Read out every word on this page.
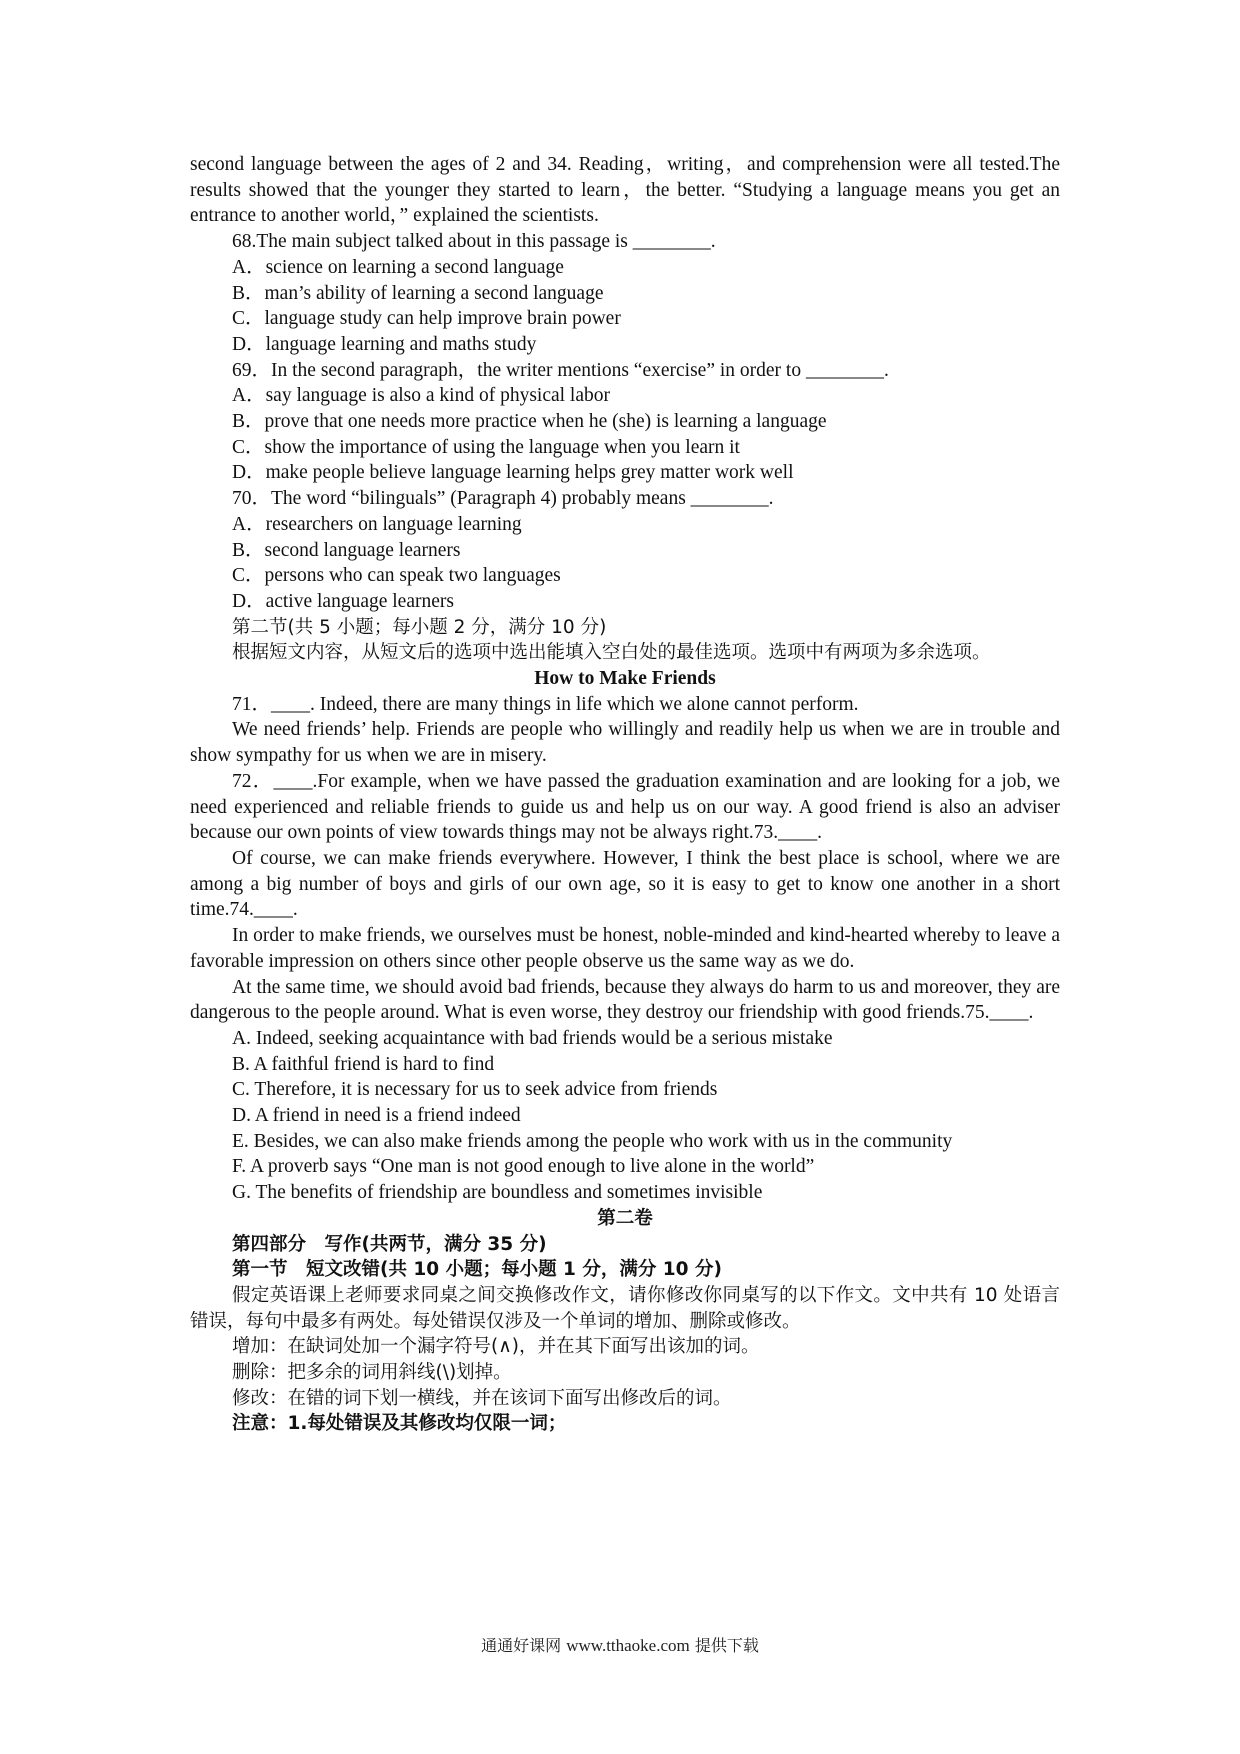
second language between the ages of 2 and 34. Reading，writing，and comprehension were all tested.The results showed that the younger they started to learn，the better. “Studying a language means you get an entrance to another world，” explained the scientists.

68.The main subject talked about in this passage is ________.

A．science on learning a second language

B．man’s ability of learning a second language

C．language study can help improve brain power

D．language learning and maths study

69．In the second paragraph，the writer mentions “exercise” in order to ________.

A．say language is also a kind of physical labor

B．prove that one needs more practice when he (she) is learning a language

C．show the importance of using the language when you learn it

D．make people believe language learning helps grey matter work well

70．The word “bilinguals” (Paragraph 4) probably means ________.

A．researchers on language learning

B．second language learners

C．persons who can speak two languages

D．active language learners

第二节(共 5 小题；每小题 2 分，满分 10 分)

根据短文内容，从短文后的选项中选出能填入空白处的最佳选项。选项中有两项为多余选项。

How to Make Friends

71．____. Indeed, there are many things in life which we alone cannot perform.

We need friends’ help. Friends are people who willingly and readily help us when we are in trouble and show sympathy for us when we are in misery.

72．____.For example, when we have passed the graduation examination and are looking for a job, we need experienced and reliable friends to guide us and help us on our way. A good friend is also an adviser because our own points of view towards things may not be always right.73.____.

Of course, we can make friends everywhere. However, I think the best place is school, where we are among a big number of boys and girls of our own age, so it is easy to get to know one another in a short time.74.____.

In order to make friends, we ourselves must be honest, noble-minded and kind-hearted whereby to leave a favorable impression on others since other people observe us the same way as we do.

At the same time, we should avoid bad friends, because they always do harm to us and moreover, they are dangerous to the people around. What is even worse, they destroy our friendship with good friends.75.____.

A. Indeed, seeking acquaintance with bad friends would be a serious mistake

B. A faithful friend is hard to find

C. Therefore, it is necessary for us to seek advice from friends

D. A friend in need is a friend indeed

E. Besides, we can also make friends among the people who work with us in the community

F. A proverb says “One man is not good enough to live alone in the world”

G. The benefits of friendship are boundless and sometimes invisible

第二卷

第四部分　写作(共两节，满分 35 分)

第一节　短文改错(共 10 小题；每小题 1 分，满分 10 分)

假定英语课上老师要求同桌之间交换修改作文，请你修改你同桌写的以下作文。文中共有 10 处语言错误，每句中最多有两处。每处错误仅涉及一个单词的增加、删除或修改。

增加：在缺词处加一个漏字符号(∧)，并在其下面写出该加的词。

删除：把多余的词用斜线(\)划掉。

修改：在错的词下划一横线，并在该词下面写出修改后的词。

注意：1.每处错误及其修改均仅限一词；

通通好课网 www.tthaoke.com 提供下载
